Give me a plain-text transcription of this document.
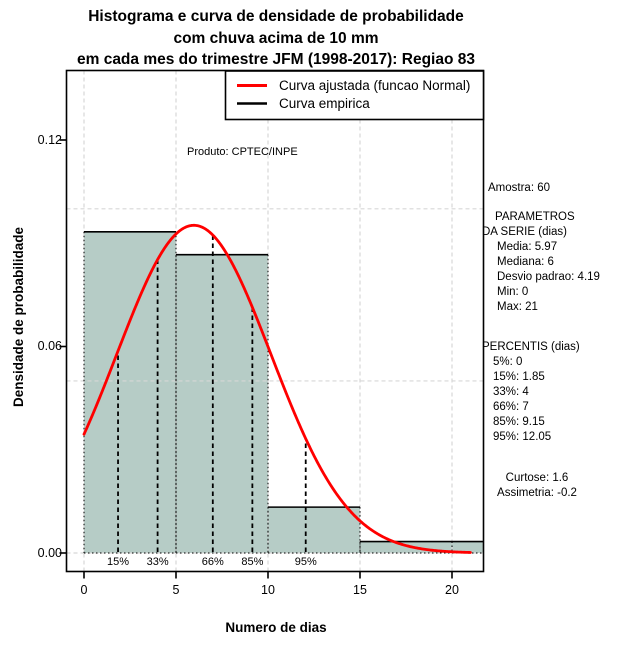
Histograma e curva de densidade de probabilidade
com chuva acima de 10 mm
em cada mes do trimestre JFM (1998-2017): Regiao 83
Densidade de probabilidade
Numero de dias
Produto: CPTEC/INPE
Curva ajustada (funcao Normal)
Curva empirica
Amostra: 60
PARAMETROS
DA SERIE (dias)
Media: 5.97
Mediana: 6
Desvio padrao: 4.19
Min: 0
Max: 21
PERCENTIS (dias)
5%: 0
15%: 1.85
33%: 4
66%: 7
85%: 9.15
95%: 12.05
Curtose: 1.6
Assimetria: -0.2
0	5	10	15	20
0.00
0.06
0.12
15%	33%	66%	85%	95%
